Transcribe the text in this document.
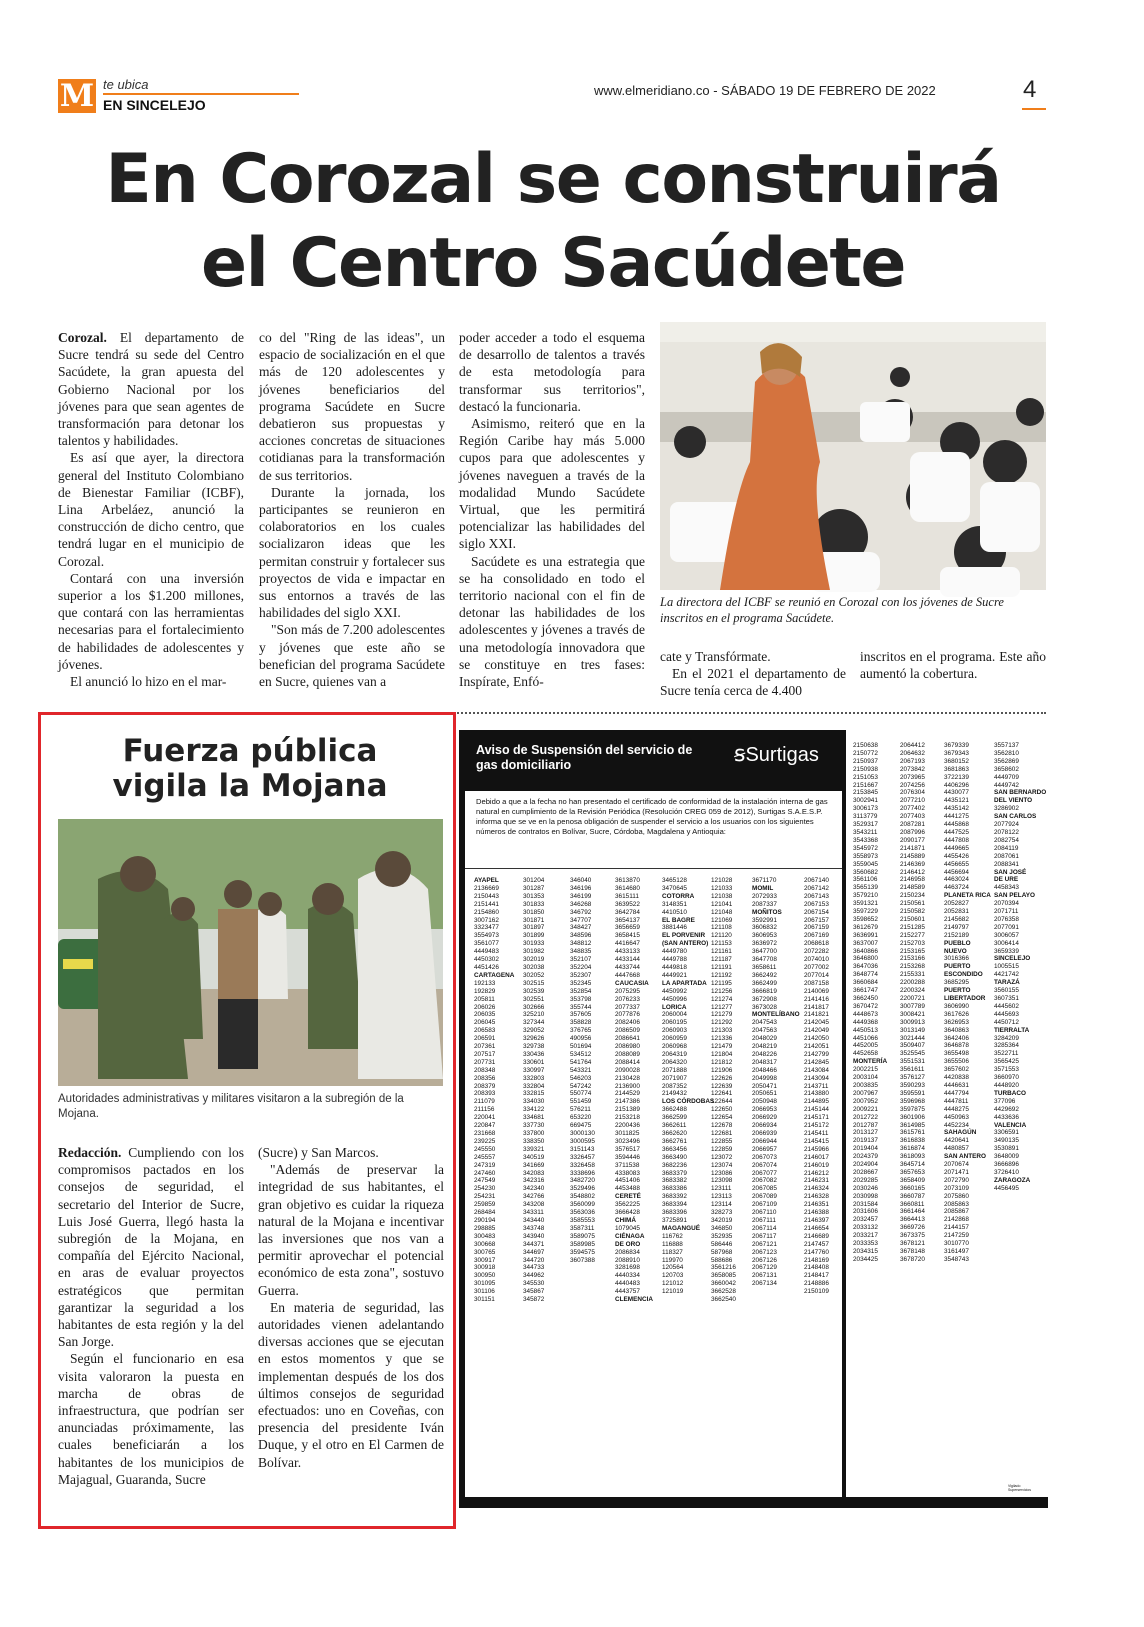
M te ubica
EN SINCELEJO
www.elmeridiano.co - SÁBADO 19 DE FEBRERO DE 2022	4
En Corozal se construirá
el Centro Sacúdete

Corozal. El departamento de Sucre tendrá su sede del Centro Sacúdete, la gran apuesta del Gobierno Nacional por los jóvenes para que sean agentes de transformación para detonar los talentos y habilidades.

Es así que ayer, la directora general del Instituto Colombiano de Bienestar Familiar (ICBF), Lina Arbeláez, anunció la construcción de dicho centro, que tendrá lugar en el municipio de Corozal.

Contará con una inversión superior a los $1.200 millones, que contará con las herramientas necesarias para el fortalecimiento de habilidades de adolescentes y jóvenes.

El anunció lo hizo en el mar-

co del "Ring de las ideas", un espacio de socialización en el que más de 120 adolescentes y jóvenes beneficiarios del programa Sacúdete en Sucre debatieron sus propuestas y acciones concretas de situaciones cotidianas para la transformación de sus territorios.

Durante la jornada, los participantes se reunieron en colaboratorios en los cuales socializaron ideas que les permitan construir y fortalecer sus proyectos de vida e impactar en sus entornos a través de las habilidades del siglo XXI.

"Son más de 7.200 adolescentes y jóvenes que este año se benefician del programa Sacúdete en Sucre, quienes van a

poder acceder a todo el esquema de desarrollo de talentos a través de esta metodología para transformar sus territorios", destacó la funcionaria.

Asimismo, reiteró que en la Región Caribe hay más 5.000 cupos para que adolescentes y jóvenes naveguen a través de la modalidad Mundo Sacúdete Virtual, que les permitirá potencializar las habilidades del siglo XXI.

Sacúdete es una estrategia que se ha consolidado en todo el territorio nacional con el fin de detonar las habilidades de los adolescentes y jóvenes a través de una metodología innovadora que se constituye en tres fases: Inspírate, Enfó-

La directora del ICBF se reunió en Corozal con los jóvenes de Sucre inscritos en el programa Sacúdete.

cate y Transfórmate.

En el 2021 el departamento de Sucre tenía cerca de 4.400

inscritos en el programa. Este año aumentó la cobertura.

Fuerza pública
vigila la Mojana
Autoridades administrativas y militares visitaron a la subregión de la Mojana.

Redacción. Cumpliendo con los compromisos pactados en los consejos de seguridad, el secretario del Interior de Sucre, Luis José Guerra, llegó hasta la subregión de la Mojana, en compañía del Ejército Nacional, en aras de evaluar proyectos estratégicos que permitan garantizar la seguridad a los habitantes de esta región y la del San Jorge.

Según el funcionario en esa visita valoraron la puesta en marcha de obras de infraestructura, que podrían ser anunciadas próximamente, las cuales beneficiarán a los habitantes de los municipios de Majagual, Guaranda, Sucre

(Sucre) y San Marcos.

"Además de preservar la integridad de sus habitantes, el gran objetivo es cuidar la riqueza natural de la Mojana e incentivar las inversiones que nos van a permitir aprovechar el potencial económico de esta zona", sostuvo Guerra.

En materia de seguridad, las autoridades vienen adelantando diversas acciones que se ejecutan en estos momentos y que se implementan después de los dos últimos consejos de seguridad efectuados: uno en Coveñas, con presencia del presidente Iván Duque, y el otro en El Carmen de Bolívar.

Aviso de Suspensión del servicio de gas domiciliario	ꞩSurtigas
Debido a que a la fecha no han presentado el certificado de conformidad de la instalación interna de gas natural en cumplimiento de la Revisión Periódica (Resolución CREG 059 de 2012), Surtigas S.A.E.S.P. informa que se ve en la penosa obligación de suspender el servicio a los usuarios con los siguientes números de contratos en Bolívar, Sucre, Córdoba, Magdalena y Antioquia:
AYAPEL
2136669
2150443
2151441
2154860
3007162
3323477
3554973
3561077
4449483
4450302
4451426
CARTAGENA
192133
192829
205811
206026
206035
206045
206583
206591
207361
207517
207731
208348
208356
208379
208393
211079
211156
220041
220847
231668
239225
245550
245557
247319
247460
247549
254230
254231
259859
268484
290194
298885
300483
300668
300765
300917
300918
300950
301095
301106
301151
301204
301287
301353
301833
301850
301871
301897
301899
301933
301982
302019
302038
302052
302515
302539
302551
302666
325210
327344
329052
329626
329738
330436
330601
330997
332803
332804
332815
334030
334122
334681
337730
337800
338350
339321
340519
341669
342083
342316
342340
342766
343208
343311
343440
343748
343940
344371
344697
344720
344733
344962
345530
345867
345872
346040
346196
346199
346268
346792
347707
348427
348596
348812
348835
352107
352204
352307
352345
352854
353798
355744
357605
358828
376765
490956
501694
534512
541764
543321
546203
547242
550774
551459
576211
653220
669475
3000130
3000595
3151143
3326457
3326458
3338696
3482720
3529496
3548802
3560099
3563036
3585553
3587311
3589075
3589985
3594575
3607388
3613870
3614680
3615111
3639522
3642784
3654137
3656659
3658415
4416647
4433133
4433144
4433744
4447668
CAUCASIA
2075295
2076233
2077337
2077876
2082406
2086509
2086641
2086980
2088089
2088414
2090028
2130428
2136900
2144529
2147386
2151389
2153218
2200436
3011825
3023496
3576517
3594446
3711538
4338083
4451406
4453488
CERETÉ
3562225
3666428
CHIMÁ
1079045
CIÉNAGA
DE ORO
2086834
2088910
3281698
4440334
4440483
4443757
CLEMENCIA
3465128
3470645
COTORRA
3148351
4410510
EL BAGRE
3881446
EL PORVENIR
(SAN ANTERO)
4449780
4449788
4449818
4449921
LA APARTADA
4450992
4450996
LORICA
2060004
2060195
2060903
2060959
2060968
2064319
2064320
2071888
2071907
2087352
2149432
LOS CÓRDOBAS
3662488
3662599
3662611
3662620
3662761
3663456
3663490
3682236
3683379
3683382
3683386
3683392
3683394
3683396
3725891
MAGANGUÉ
116762
116888
118327
119970
120564
120703
121012
121019
121028
121033
121038
121041
121048
121069
121108
121120
121153
121161
121187
121191
121192
121195
121256
121274
121277
121279
121292
121303
121336
121479
121804
121812
121906
122626
122639
122641
122644
122650
122654
122678
122681
122855
122859
123072
123074
123086
123098
123111
123113
123114
328273
342019
346850
352935
586446
587968
588686
3561216
3658085
3660042
3662528
3662540
3671170
MOMIL
2072933
2087337
MOÑITOS
3592991
3606832
3606953
3636972
3647700
3647708
3658611
3662492
3662499
3666819
3672908
3673028
MONTELÍBANO
2047543
2047563
2048029
2048219
2048226
2048317
2048466
2049998
2050471
2050651
2050948
2066953
2066929
2066934
2066939
2066944
2066957
2067073
2067074
2067077
2067082
2067085
2067089
2067109
2067110
2067111
2067114
2067117
2067121
2067123
2067126
2067129
2067131
2067134
2067140
2067142
2067143
2067153
2067154
2067157
2067159
2067169
2068618
2072282
2074010
2077002
2077014
2087158
2140069
2141416
2141817
2141821
2142045
2142049
2142050
2142051
2142799
2142845
2143084
2143094
2143711
2143880
2144895
2145144
2145171
2145172
2145411
2145415
2145966
2146017
2146019
2146212
2146231
2146324
2146328
2146351
2146388
2146397
2146654
2146689
2147457
2147760
2148169
2148408
2148417
2148886
2150109
2150638
2150772
2150937
2150938
2151053
2151667
2153845
3002941
3006173
3113779
3529317
3543211
3543368
3545972
3558973
3559045
3560682
3561106
3565139
3579210
3591321
3597229
3598652
3612679
3636991
3637007
3640866
3646800
3647036
3648774
3660684
3661747
3662450
3670472
4448673
4449368
4450513
4451066
4452005
4452658
MONTERÍA
2002215
2003104
2003835
2007967
2007952
2009221
2012722
2012787
2013127
2019137
2019404
2024379
2024904
2028667
2029285
2030246
2030998
2031584
2031606
2032457
2033132
2033217
2033353
2034315
2034425
2064412
2064632
2067193
2073842
2073965
2074256
2076304
2077210
2077402
2077403
2087281
2087996
2090177
2141871
2145889
2146369
2146412
2146958
2148589
2150234
2150561
2150582
2150601
2151285
2152277
2152703
2153165
2153166
2153268
2155331
2200288
2200324
2200721
3007789
3008421
3009913
3013149
3021444
3509407
3525545
3551531
3561611
3576127
3590293
3595591
3596968
3597875
3601906
3614985
3615761
3616838
3616874
3618093
3645714
3657653
3658409
3660165
3660787
3660811
3661464
3664413
3669726
3673375
3678121
3678148
3678720
3679339
3679343
3680152
3681863
3722139
4406296
4430077
4435121
4435142
4441275
4445868
4447525
4447808
4449665
4455426
4456655
4456694
4463024
4463724
PLANETA RICA
2052827
2052831
2145682
2149797
2152189
PUEBLO
NUEVO
3016366
PUERTO
ESCONDIDO
3685295
PUERTO
LIBERTADOR
3606990
3617626
3626953
3640863
3642406
3646878
3655498
3655506
3657602
4420838
4446631
4447794
4447811
4448275
4450963
4452234
SAHAGÚN
4420641
4480857
SAN ANTERO
2070674
2071471
2072790
2073109
2075860
2085863
2085867
2142868
2144157
2147259
3010770
3161497
3548743
3557137
3562810
3562869
3658602
4449709
4449742
SAN BERNARDO
DEL VIENTO
3286902
SAN CARLOS
2077924
2078122
2082754
2084119
2087061
2088341
SAN JOSÉ
DE URE
4458343
SAN PELAYO
2070394
2071711
2076358
2077091
3006057
3006414
3659339
SINCELEJO
1005515
4421742
TARAZÁ
3560155
3607351
4445602
4445693
4450712
TIERRALTA
3284209
3285364
3522711
3565425
3571553
3660970
4448920
TURBACO
377096
4429692
4433636
VALENCIA
3306591
3490135
3530891
3648009
3666896
3726410
ZARAGOZA
4456495
Vigilado Superservicios
